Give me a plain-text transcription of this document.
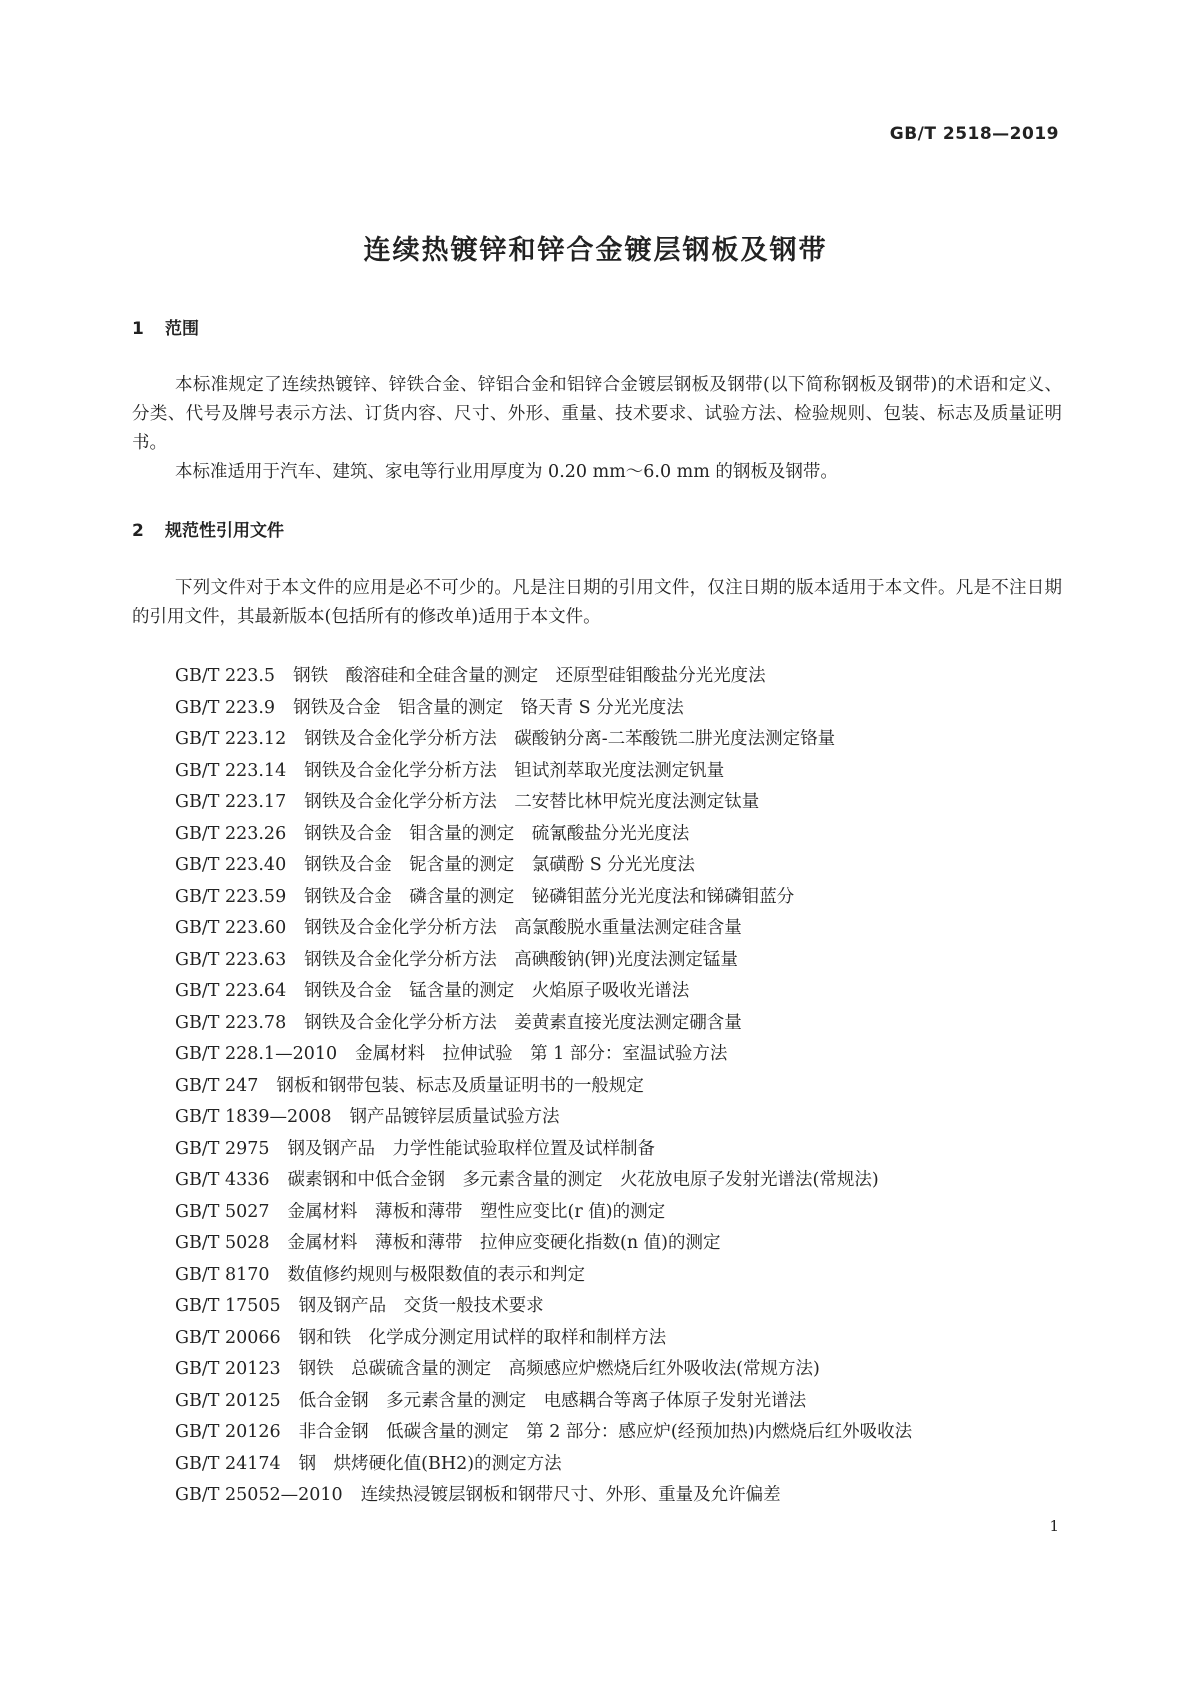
GB/T 2518—2019
连续热镀锌和锌合金镀层钢板及钢带
1 范围

本标准规定了连续热镀锌、锌铁合金、锌铝合金和铝锌合金镀层钢板及钢带(以下简称钢板及钢带)的术语和定义、分类、代号及牌号表示方法、订货内容、尺寸、外形、重量、技术要求、试验方法、检验规则、包装、标志及质量证明书。

本标准适用于汽车、建筑、家电等行业用厚度为 0.20 mm～6.0 mm 的钢板及钢带。

2 规范性引用文件

下列文件对于本文件的应用是必不可少的。凡是注日期的引用文件，仅注日期的版本适用于本文件。凡是不注日期的引用文件，其最新版本(包括所有的修改单)适用于本文件。

GB/T 223.5 钢铁　酸溶硅和全硅含量的测定　还原型硅钼酸盐分光光度法
GB/T 223.9 钢铁及合金　铝含量的测定　铬天青 S 分光光度法
GB/T 223.12 钢铁及合金化学分析方法　碳酸钠分离-二苯酸铣二肼光度法测定铬量
GB/T 223.14 钢铁及合金化学分析方法　钽试剂萃取光度法测定钒量
GB/T 223.17 钢铁及合金化学分析方法　二安替比林甲烷光度法测定钛量
GB/T 223.26 钢铁及合金　钼含量的测定　硫氰酸盐分光光度法
GB/T 223.40 钢铁及合金　铌含量的测定　氯磺酚 S 分光光度法
GB/T 223.59 钢铁及合金　磷含量的测定　铋磷钼蓝分光光度法和锑磷钼蓝分
GB/T 223.60 钢铁及合金化学分析方法　高氯酸脱水重量法测定硅含量
GB/T 223.63 钢铁及合金化学分析方法　高碘酸钠(钾)光度法测定锰量
GB/T 223.64 钢铁及合金　锰含量的测定　火焰原子吸收光谱法
GB/T 223.78 钢铁及合金化学分析方法　姜黄素直接光度法测定硼含量
GB/T 228.1—2010 金属材料　拉伸试验　第 1 部分：室温试验方法
GB/T 247 钢板和钢带包装、标志及质量证明书的一般规定
GB/T 1839—2008 钢产品镀锌层质量试验方法
GB/T 2975 钢及钢产品　力学性能试验取样位置及试样制备
GB/T 4336 碳素钢和中低合金钢　多元素含量的测定　火花放电原子发射光谱法(常规法)
GB/T 5027 金属材料　薄板和薄带　塑性应变比(r 值)的测定
GB/T 5028 金属材料　薄板和薄带　拉伸应变硬化指数(n 值)的测定
GB/T 8170 数值修约规则与极限数值的表示和判定
GB/T 17505 钢及钢产品　交货一般技术要求
GB/T 20066 钢和铁　化学成分测定用试样的取样和制样方法
GB/T 20123 钢铁　总碳硫含量的测定　高频感应炉燃烧后红外吸收法(常规方法)
GB/T 20125 低合金钢　多元素含量的测定　电感耦合等离子体原子发射光谱法
GB/T 20126 非合金钢　低碳含量的测定　第 2 部分：感应炉(经预加热)内燃烧后红外吸收法
GB/T 24174 钢　烘烤硬化值(BH2)的测定方法
GB/T 25052—2010 连续热浸镀层钢板和钢带尺寸、外形、重量及允许偏差
1
